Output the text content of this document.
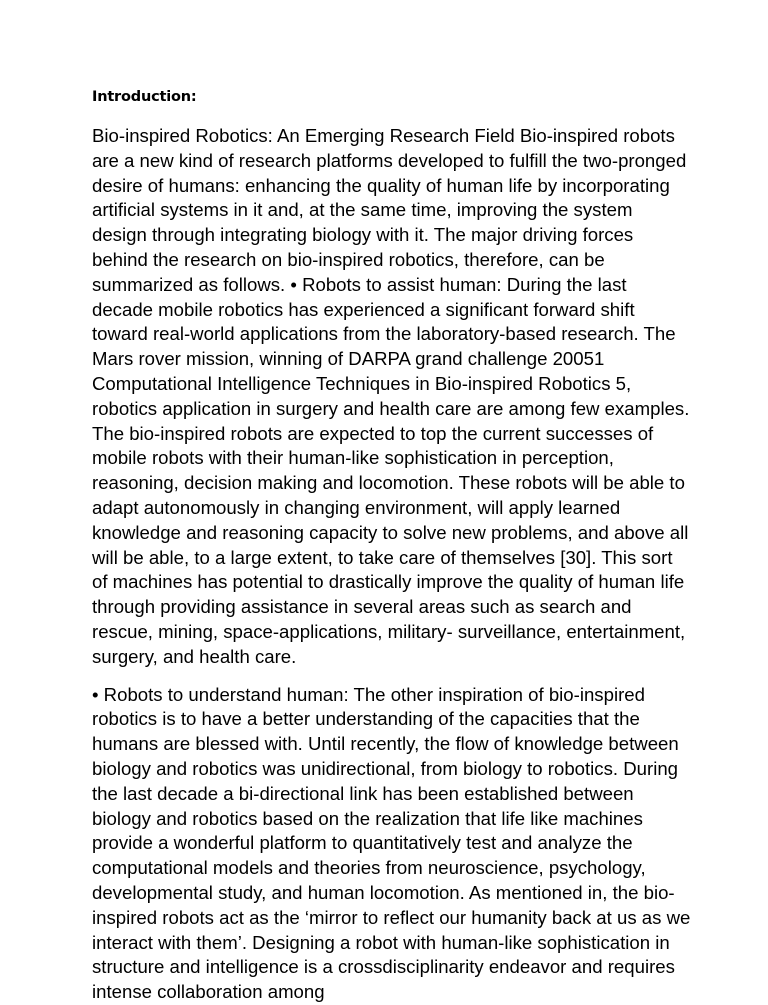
Introduction:

Bio-inspired Robotics: An Emerging Research Field Bio-inspired robots are a new kind of research platforms developed to fulfill the two-pronged desire of humans: enhancing the quality of human life by incorporating artificial systems in it and, at the same time, improving the system design through integrating biology with it. The major driving forces behind the research on bio-inspired robotics, therefore, can be summarized as follows. • Robots to assist human: During the last decade mobile robotics has experienced a significant forward shift toward real-world applications from the laboratory-based research. The Mars rover mission, winning of DARPA grand challenge 20051 Computational Intelligence Techniques in Bio-inspired Robotics 5, robotics application in surgery and health care are among few examples. The bio-inspired robots are expected to top the current successes of mobile robots with their human-like sophistication in perception, reasoning, decision making and locomotion. These robots will be able to adapt autonomously in changing environment, will apply learned knowledge and reasoning capacity to solve new problems, and above all will be able, to a large extent, to take care of themselves [30]. This sort of machines has potential to drastically improve the quality of human life through providing assistance in several areas such as search and rescue, mining, space-applications, military- surveillance, entertainment, surgery, and health care.

• Robots to understand human: The other inspiration of bio-inspired robotics is to have a better understanding of the capacities that the humans are blessed with. Until recently, the flow of knowledge between biology and robotics was unidirectional, from biology to robotics. During the last decade a bi-directional link has been established between biology and robotics based on the realization that life like machines provide a wonderful platform to quantitatively test and analyze the computational models and theories from neuroscience, psychology, developmental study, and human locomotion. As mentioned in, the bio-inspired robots act as the ‘mirror to reflect our humanity back at us as we interact with them’. Designing a robot with human-like sophistication in structure and intelligence is a crossdisciplinarity endeavor and requires intense collaboration among
